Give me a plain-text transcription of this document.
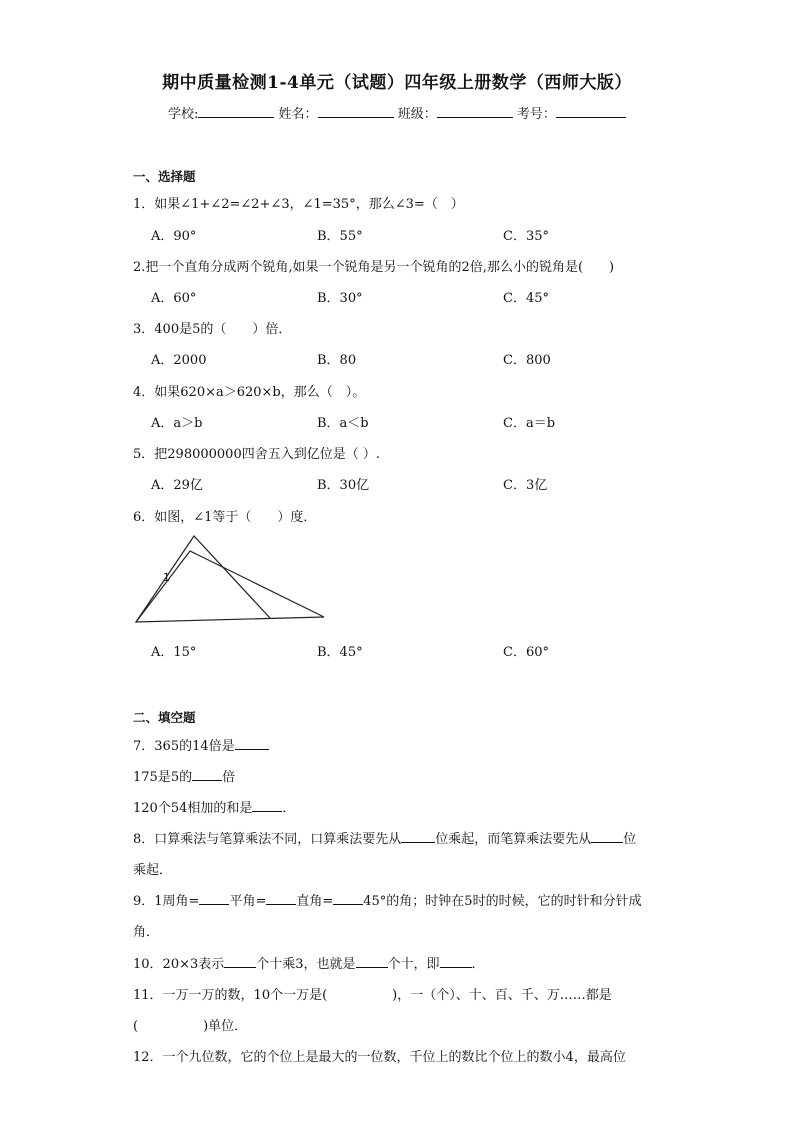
期中质量检测1-4单元（试题）四年级上册数学（西师大版）
学校:	姓名：	班级：	考号：
一、选择题
1．如果∠1+∠2=∠2+∠3，∠1=35°，那么∠3=（　）
A．90°	B．55°	C．35°
2.把一个直角分成两个锐角,如果一个锐角是另一个锐角的2倍,那么小的锐角是(　　)
A．60°	B．30°	C．45°
3．400是5的（　　）倍．
A．2000	B．80	C．800
4．如果620×a＞620×b，那么（　）。
A．a＞b	B．a＜b	C．a＝b
5．把298000000四舍五入到亿位是（ ）.
A．29亿	B．30亿	C．3亿
6．如图，∠1等于（　　）度．
1
A．15°	B．45°	C．60°
二、填空题
7．365的14倍是
175是5的 倍
120个54相加的和是 ．
8．口算乘法与笔算乘法不同，口算乘法要先从	位乘起，而笔算乘法要先从 位
乘起．
9．1周角= 平角= 直角= 45°的角；时钟在5时的时候，它的时针和分针成
角．
10．20×3表示 个十乘3，也就是 个十，即 ．
11．一万一万的数，10个一万是(　　　　　)，一（个）、十、百、千、万……都是
(　　　　　)单位．
12．一个九位数，它的个位上是最大的一位数，千位上的数比个位上的数小4，最高位
